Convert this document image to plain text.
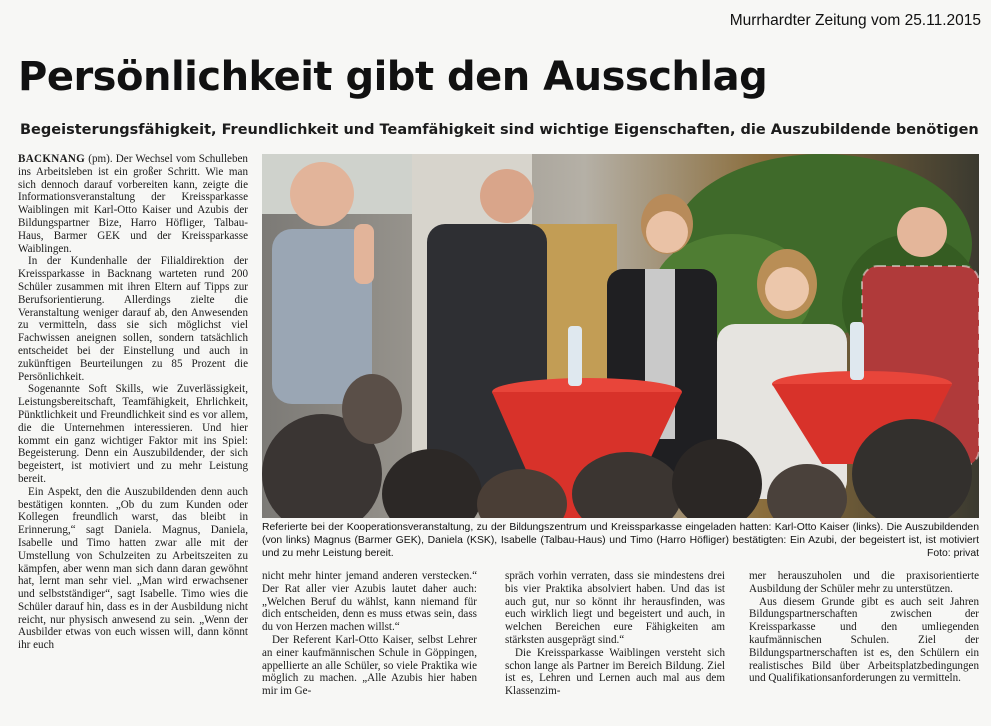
Murrhardter Zeitung vom 25.11.2015
Persönlichkeit gibt den Ausschlag
Begeisterungsfähigkeit, Freundlichkeit und Teamfähigkeit sind wichtige Eigenschaften, die Auszubildende benötigen

BACKNANG (pm). Der Wechsel vom Schulleben ins Arbeitsleben ist ein großer Schritt. Wie man sich dennoch darauf vorbereiten kann, zeigte die Informationsveranstaltung der Kreissparkasse Waiblingen mit Karl-Otto Kaiser und Azubis der Bildungspartner Bize, Harro Höfliger, Talbau-Haus, Barmer GEK und der Kreissparkasse Waiblingen.

In der Kundenhalle der Filialdirektion der Kreissparkasse in Backnang warteten rund 200 Schüler zusammen mit ihren Eltern auf Tipps zur Berufsorientierung. Allerdings zielte die Veranstaltung weniger darauf ab, den Anwesenden zu vermitteln, dass sie sich möglichst viel Fachwissen aneignen sollen, sondern tatsächlich entscheidet bei der Einstellung und auch in zukünftigen Beurteilungen zu 85 Prozent die Persönlichkeit.

Sogenannte Soft Skills, wie Zuverlässigkeit, Leistungsbereitschaft, Teamfähigkeit, Ehrlichkeit, Pünktlichkeit und Freundlichkeit sind es vor allem, die die Unternehmen interessieren. Und hier kommt ein ganz wichtiger Faktor mit ins Spiel: Begeisterung. Denn ein Auszubildender, der sich begeistert, ist motiviert und zu mehr Leistung bereit.

Ein Aspekt, den die Auszubildenden denn auch bestätigen konnten. „Ob du zum Kunden oder Kollegen freundlich warst, das bleibt in Erinnerung,“ sagt Daniela. Magnus, Daniela, Isabelle und Timo hatten zwar alle mit der Umstellung von Schulzeiten zu Arbeitszeiten zu kämpfen, aber wenn man sich dann daran gewöhnt hat, lernt man sehr viel. „Man wird erwachsener und selbstständiger“, sagt Isabelle. Timo wies die Schüler darauf hin, dass es in der Ausbildung nicht reicht, nur physisch anwesend zu sein. „Wenn der Ausbilder etwas von euch wissen will, dann könnt ihr euch

Referierte bei der Kooperationsveranstaltung, zu der Bildungszentrum und Kreissparkasse eingeladen hatten: Karl-Otto Kaiser (links). Die Auszubildenden (von links) Magnus (Barmer GEK), Daniela (KSK), Isabelle (Talbau-Haus) und Timo (Harro Höfliger) bestätigten: Ein Azubi, der begeistert ist, ist motiviert und zu mehr Leistung bereit.	Foto: privat

nicht mehr hinter jemand anderen verstecken.“ Der Rat aller vier Azubis lautet daher auch: „Welchen Beruf du wählst, kann niemand für dich entscheiden, denn es muss etwas sein, dass du von Herzen machen willst.“

Der Referent Karl-Otto Kaiser, selbst Lehrer an einer kaufmännischen Schule in Göppingen, appellierte an alle Schüler, so viele Praktika wie möglich zu machen. „Alle Azubis hier haben mir im Ge-

spräch vorhin verraten, dass sie mindestens drei bis vier Praktika absolviert haben. Und das ist auch gut, nur so könnt ihr herausfinden, was euch wirklich liegt und begeistert und auch, in welchen Bereichen eure Fähigkeiten am stärksten ausgeprägt sind.“

Die Kreissparkasse Waiblingen versteht sich schon lange als Partner im Bereich Bildung. Ziel ist es, Lehren und Lernen auch mal aus dem Klassenzim-

mer herauszuholen und die praxisorientierte Ausbildung der Schüler mehr zu unterstützen.

Aus diesem Grunde gibt es auch seit Jahren Bildungspartnerschaften zwischen der Kreissparkasse und den umliegenden kaufmännischen Schulen. Ziel der Bildungspartnerschaften ist es, den Schülern ein realistisches Bild über Arbeitsplatzbedingungen und Qualifikationsanforderungen zu vermitteln.
